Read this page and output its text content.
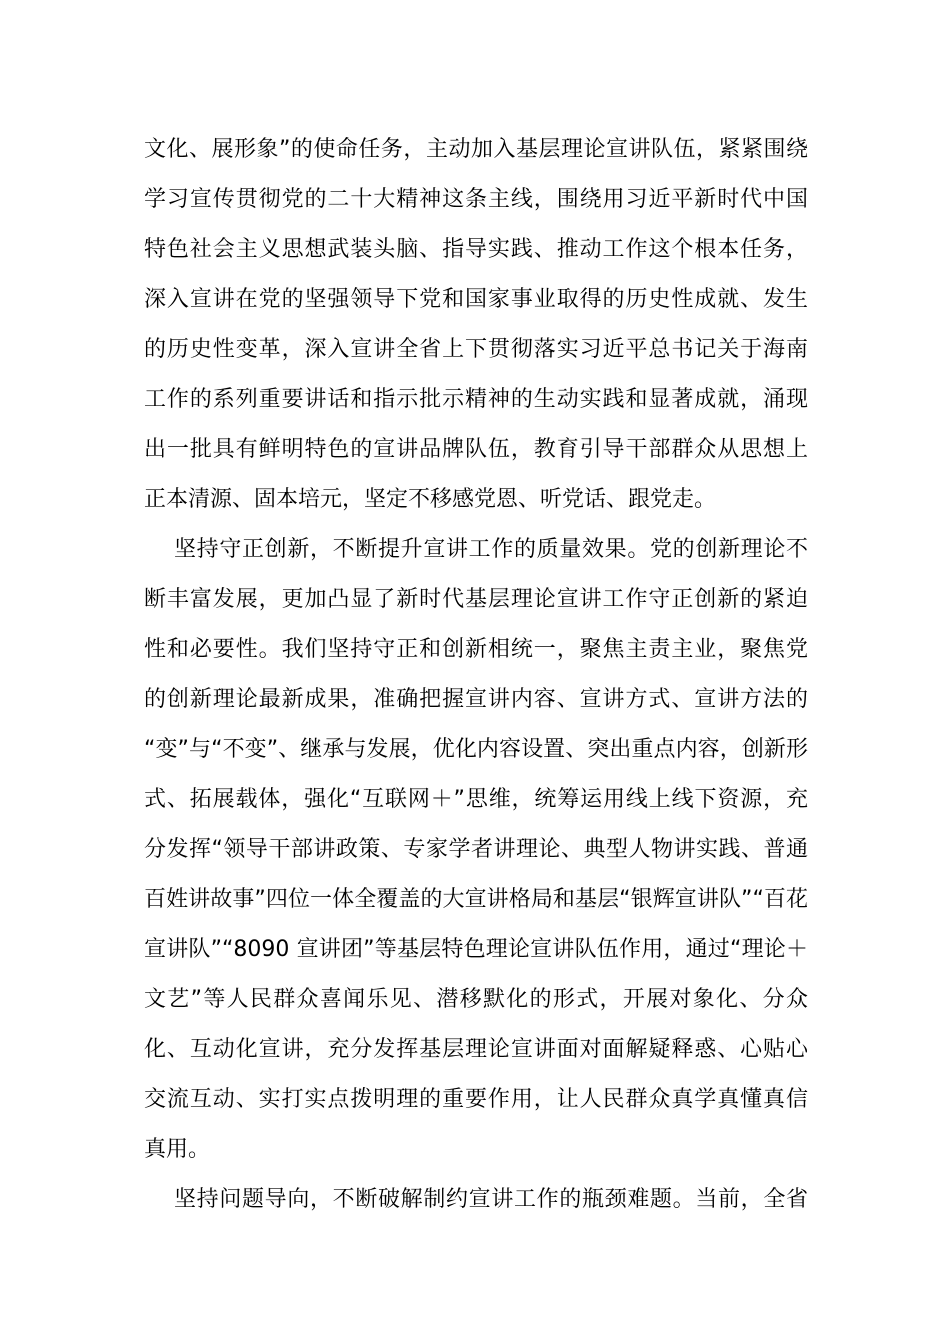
文化、展形象”的使命任务，主动加入基层理论宣讲队伍，紧紧围绕
学习宣传贯彻党的二十大精神这条主线，围绕用习近平新时代中国
特色社会主义思想武装头脑、指导实践、推动工作这个根本任务，
深入宣讲在党的坚强领导下党和国家事业取得的历史性成就、发生
的历史性变革，深入宣讲全省上下贯彻落实习近平总书记关于海南
工作的系列重要讲话和指示批示精神的生动实践和显著成就，涌现
出一批具有鲜明特色的宣讲品牌队伍，教育引导干部群众从思想上
正本清源、固本培元，坚定不移感党恩、听党话、跟党走。
坚持守正创新，不断提升宣讲工作的质量效果。党的创新理论不
断丰富发展，更加凸显了新时代基层理论宣讲工作守正创新的紧迫
性和必要性。我们坚持守正和创新相统一，聚焦主责主业，聚焦党
的创新理论最新成果，准确把握宣讲内容、宣讲方式、宣讲方法的
“变”与“不变”、继承与发展，优化内容设置、突出重点内容，创新形
式、拓展载体，强化“互联网＋”思维，统筹运用线上线下资源，充
分发挥“领导干部讲政策、专家学者讲理论、典型人物讲实践、普通
百姓讲故事”四位一体全覆盖的大宣讲格局和基层“银辉宣讲队”“百花
宣讲队”“8090 宣讲团”等基层特色理论宣讲队伍作用，通过“理论＋
文艺”等人民群众喜闻乐见、潜移默化的形式，开展对象化、分众
化、互动化宣讲，充分发挥基层理论宣讲面对面解疑释惑、心贴心
交流互动、实打实点拨明理的重要作用，让人民群众真学真懂真信
真用。
坚持问题导向，不断破解制约宣讲工作的瓶颈难题。当前，全省
